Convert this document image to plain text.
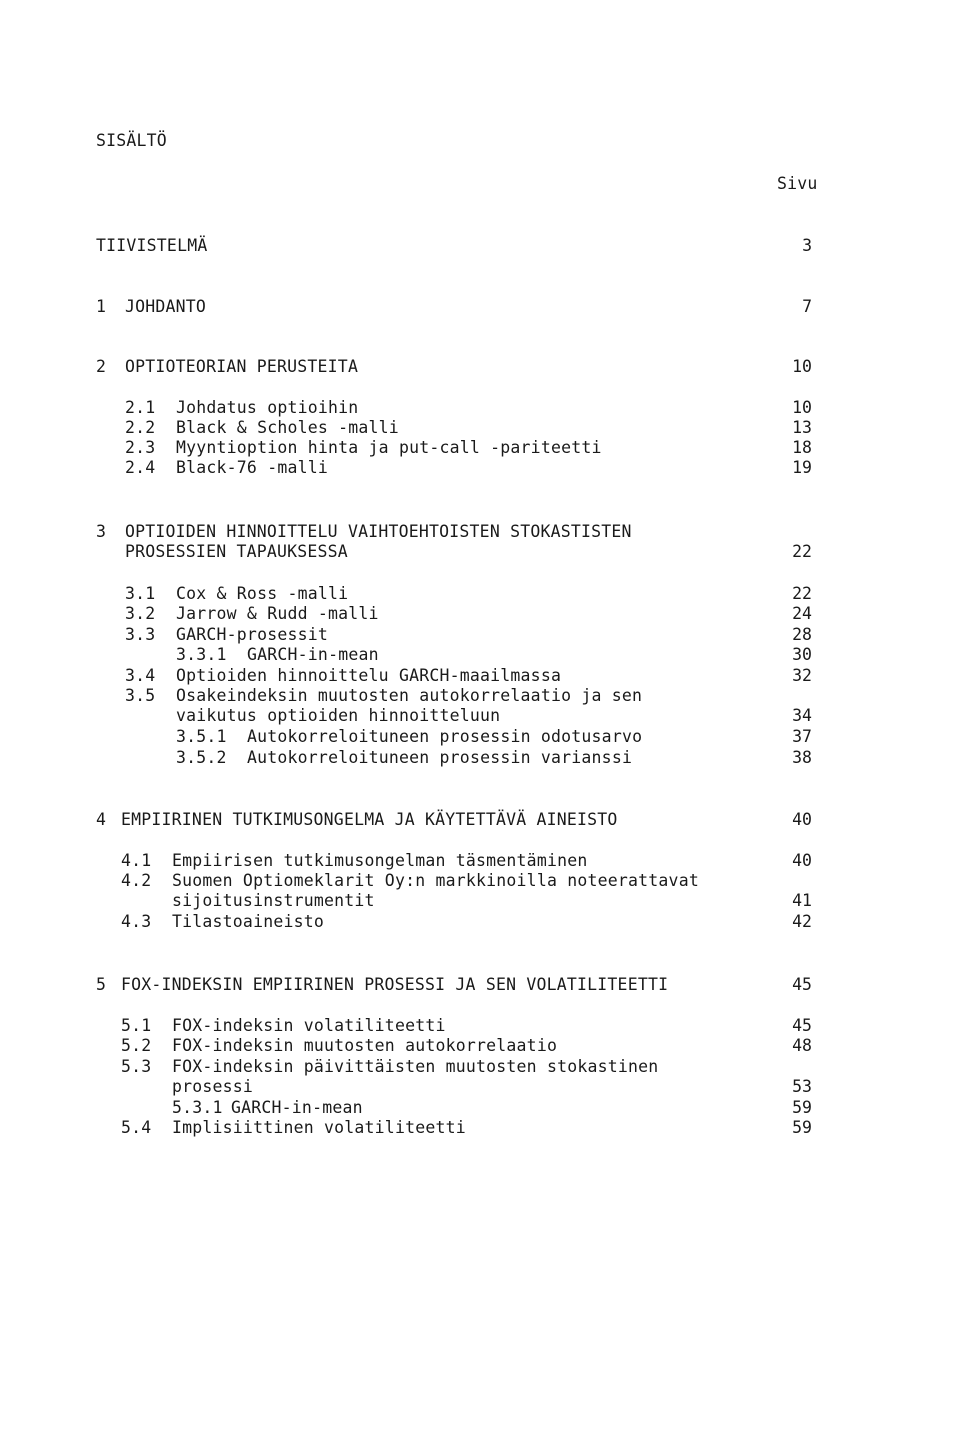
SISÄLTÖ
Sivu
TIIVISTELMÄ	3
1 JOHDANTO	7
2 OPTIOTEORIAN PERUSTEITA	10
2.1 Johdatus optioihin	10
2.2 Black & Scholes -malli	13
2.3 Myyntioption hinta ja put-call -pariteetti	18
2.4 Black-76 -malli	19
3 OPTIOIDEN HINNOITTELU VAIHTOEHTOISTEN STOKASTISTEN
PROSESSIEN TAPAUKSESSA	22
3.1 Cox & Ross -malli	22
3.2 Jarrow & Rudd -malli	24
3.3 GARCH-prosessit	28
3.3.1 GARCH-in-mean	30
3.4 Optioiden hinnoittelu GARCH-maailmassa	32
3.5 Osakeindeksin muutosten autokorrelaatio ja sen
vaikutus optioiden hinnoitteluun	34
3.5.1 Autokorreloituneen prosessin odotusarvo	37
3.5.2 Autokorreloituneen prosessin varianssi	38
4 EMPIIRINEN TUTKIMUSONGELMA JA KÄYTETTÄVÄ AINEISTO	40
4.1 Empiirisen tutkimusongelman täsmentäminen	40
4.2 Suomen Optiomeklarit Oy:n markkinoilla noteerattavat
sijoitusinstrumentit	41
4.3 Tilastoaineisto	42
5 FOX-INDEKSIN EMPIIRINEN PROSESSI JA SEN VOLATILITEETTI	45
5.1 FOX-indeksin volatiliteetti	45
5.2 FOX-indeksin muutosten autokorrelaatio	48
5.3 FOX-indeksin päivittäisten muutosten stokastinen
prosessi	53
5.3.1 GARCH-in-mean	59
5.4 Implisiittinen volatiliteetti	59
